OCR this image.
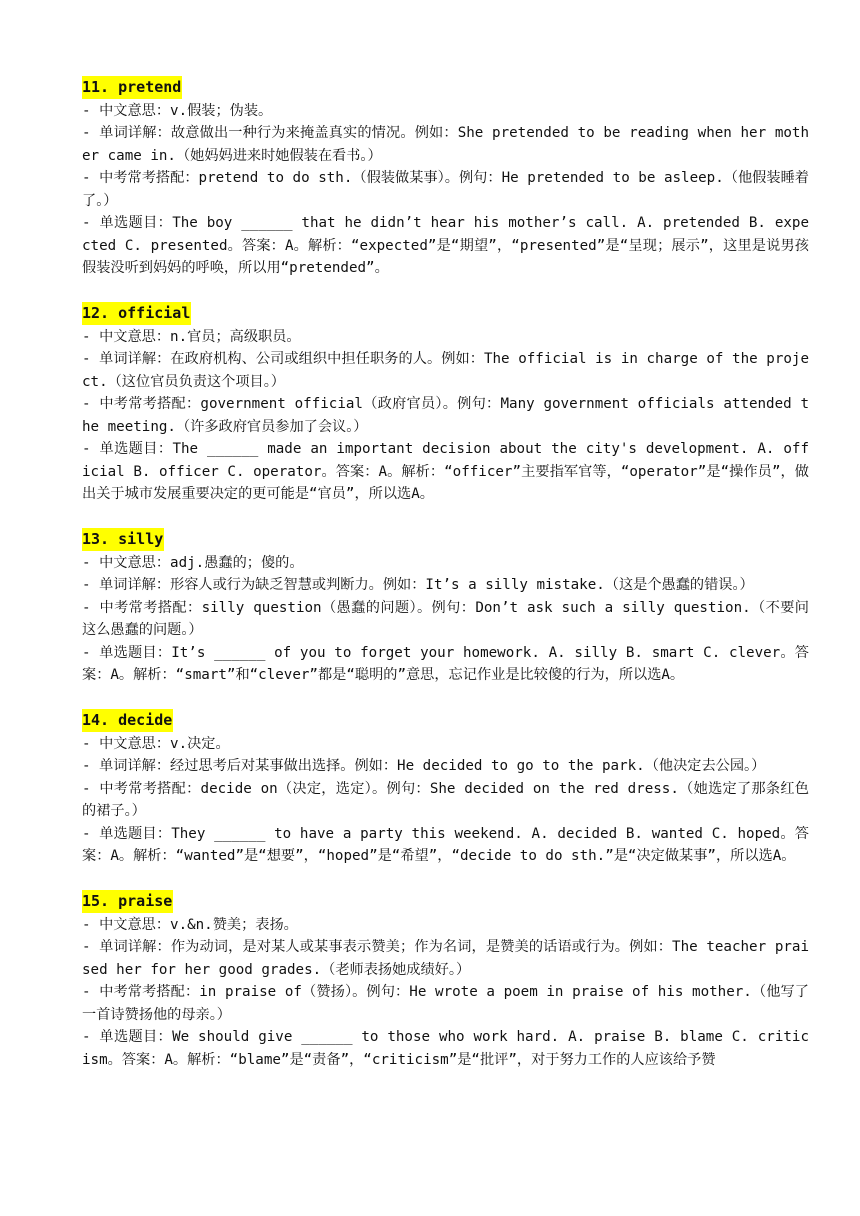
11. pretend

- 中文意思：v.假装；伪装。

- 单词详解：故意做出一种行为来掩盖真实的情况。例如：She pretended to be reading when her mother came in.（她妈妈进来时她假装在看书。）

- 中考常考搭配：pretend to do sth.（假装做某事）。例句：He pretended to be asleep.（他假装睡着了。）

- 单选题目：The boy ______ that he didn’t hear his mother’s call. A. pretended B. expected C. presented。答案：A。解析：“expected”是“期望”，“presented”是“呈现；展示”，这里是说男孩假装没听到妈妈的呼唤，所以用“pretended”。

12. official

- 中文意思：n.官员；高级职员。

- 单词详解：在政府机构、公司或组织中担任职务的人。例如：The official is in charge of the project.（这位官员负责这个项目。）

- 中考常考搭配：government official（政府官员）。例句：Many government officials attended the meeting.（许多政府官员参加了会议。）

- 单选题目：The ______ made an important decision about the city's development. A. official B. officer C. operator。答案：A。解析：“officer”主要指军官等，“operator”是“操作员”，做出关于城市发展重要决定的更可能是“官员”，所以选A。

13. silly

- 中文意思：adj.愚蠢的；傻的。

- 单词详解：形容人或行为缺乏智慧或判断力。例如：It’s a silly mistake.（这是个愚蠢的错误。）

- 中考常考搭配：silly question（愚蠢的问题）。例句：Don’t ask such a silly question.（不要问这么愚蠢的问题。）

- 单选题目：It’s ______ of you to forget your homework. A. silly B. smart C. clever。答案：A。解析：“smart”和“clever”都是“聪明的”意思，忘记作业是比较傻的行为，所以选A。

14. decide

- 中文意思：v.决定。

- 单词详解：经过思考后对某事做出选择。例如：He decided to go to the park.（他决定去公园。）

- 中考常考搭配：decide on（决定，选定）。例句：She decided on the red dress.（她选定了那条红色的裙子。）

- 单选题目：They ______ to have a party this weekend. A. decided B. wanted C. hoped。答案：A。解析：“wanted”是“想要”，“hoped”是“希望”，“decide to do sth.”是“决定做某事”，所以选A。

15. praise

- 中文意思：v.&n.赞美；表扬。

- 单词详解：作为动词，是对某人或某事表示赞美；作为名词，是赞美的话语或行为。例如：The teacher praised her for her good grades.（老师表扬她成绩好。）

- 中考常考搭配：in praise of（赞扬）。例句：He wrote a poem in praise of his mother.（他写了一首诗赞扬他的母亲。）

- 单选题目：We should give ______ to those who work hard. A. praise B. blame C. criticism。答案：A。解析：“blame”是“责备”，“criticism”是“批评”，对于努力工作的人应该给予赞
